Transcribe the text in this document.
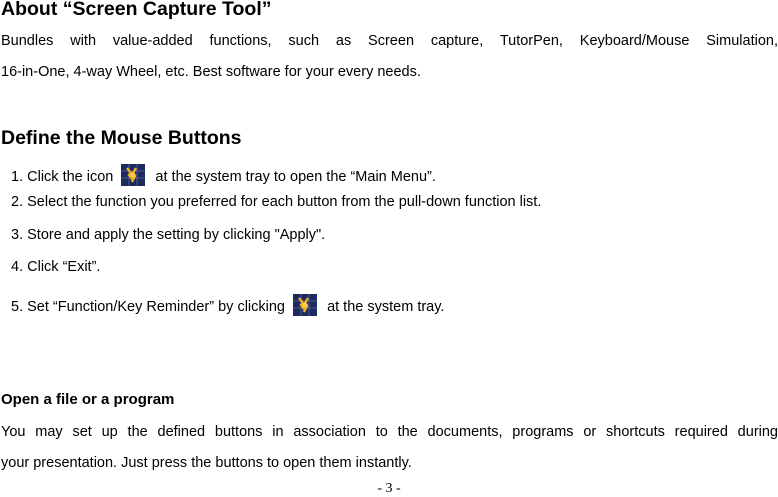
About “Screen Capture Tool”
Bundles with value-added functions, such as Screen capture, TutorPen, Keyboard/Mouse Simulation,
16-in-One, 4-way Wheel, etc. Best software for your every needs.
Define the Mouse Buttons
1. Click the icon	at the system tray to open the “Main Menu”.
2. Select the function you preferred for each button from the pull-down function list.
3. Store and apply the setting by clicking "Apply".
4. Click “Exit”.
5. Set “Function/Key Reminder” by clicking	at the system tray.
Open a file or a program
You may set up the defined buttons in association to the documents, programs or shortcuts required during
your presentation. Just press the buttons to open them instantly.
- 3 -
